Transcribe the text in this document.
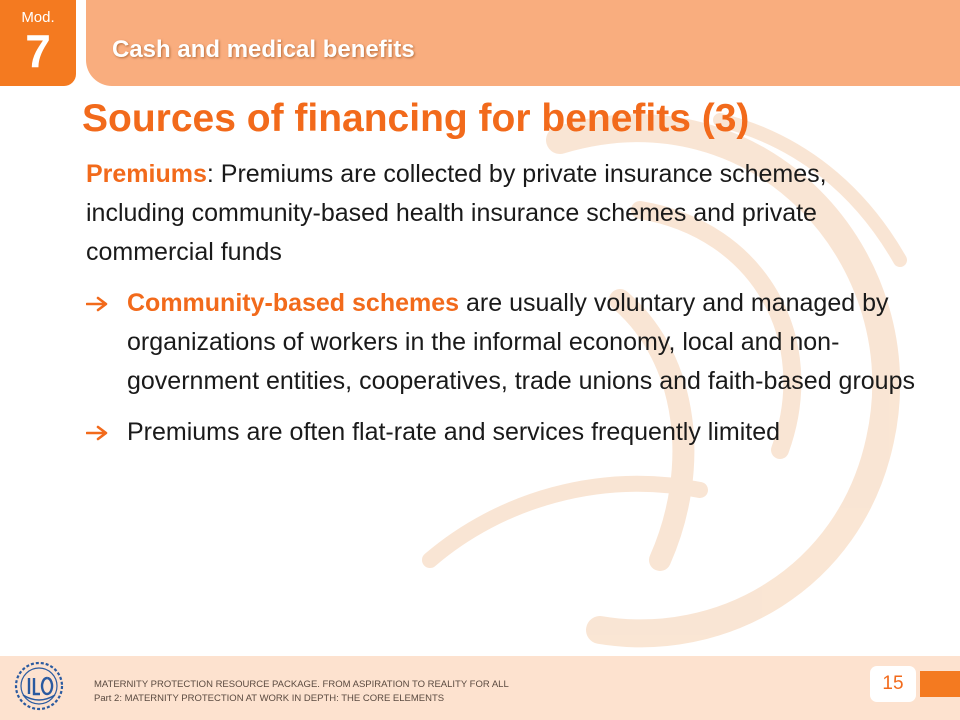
Mod.
7	Cash and medical benefits
Sources of financing for benefits (3)

Premiums: Premiums are collected by private insurance schemes, including community-based health insurance schemes and private commercial funds

Community-based schemes are usually voluntary and managed by organizations of workers in the informal economy, local and non-government entities, cooperatives, trade unions and faith-based groups
Premiums are often flat-rate and services frequently limited
MATERNITY PROTECTION RESOURCE PACKAGE. FROM ASPIRATION TO REALITY FOR ALL
Part 2: MATERNITY PROTECTION AT WORK IN DEPTH: THE CORE ELEMENTS
15
